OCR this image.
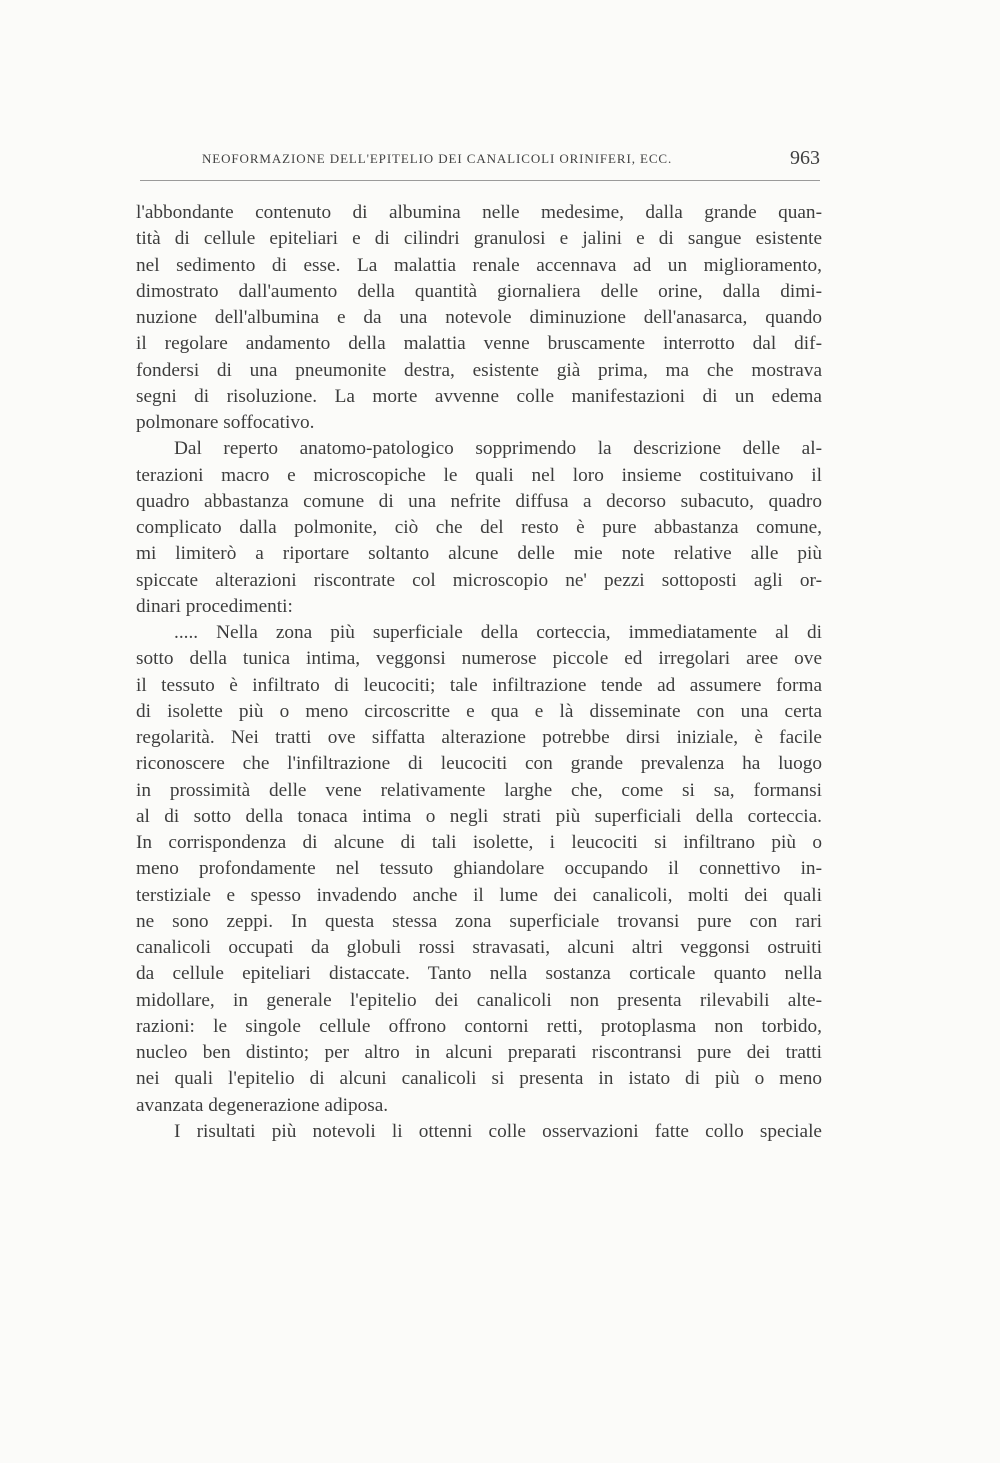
NEOFORMAZIONE DELL'EPITELIO DEI CANALICOLI ORINIFERI, ECC.	963
l'abbondante contenuto di albumina nelle medesime, dalla grande quan-
tità di cellule epiteliari e di cilindri granulosi e jalini e di sangue esistente
nel sedimento di esse. La malattia renale accennava ad un miglioramento,
dimostrato dall'aumento della quantità giornaliera delle orine, dalla dimi-
nuzione dell'albumina e da una notevole diminuzione dell'anasarca, quando
il regolare andamento della malattia venne bruscamente interrotto dal dif-
fondersi di una pneumonite destra, esistente già prima, ma che mostrava
segni di risoluzione. La morte avvenne colle manifestazioni di un edema
polmonare soffocativo.
Dal reperto anatomo-patologico sopprimendo la descrizione delle al-
terazioni macro e microscopiche le quali nel loro insieme costituivano il
quadro abbastanza comune di una nefrite diffusa a decorso subacuto, quadro
complicato dalla polmonite, ciò che del resto è pure abbastanza comune,
mi limiterò a riportare soltanto alcune delle mie note relative alle più
spiccate alterazioni riscontrate col microscopio ne' pezzi sottoposti agli or-
dinari procedimenti:
..... Nella zona più superficiale della corteccia, immediatamente al di
sotto della tunica intima, veggonsi numerose piccole ed irregolari aree ove
il tessuto è infiltrato di leucociti; tale infiltrazione tende ad assumere forma
di isolette più o meno circoscritte e qua e là disseminate con una certa
regolarità. Nei tratti ove siffatta alterazione potrebbe dirsi iniziale, è facile
riconoscere che l'infiltrazione di leucociti con grande prevalenza ha luogo
in prossimità delle vene relativamente larghe che, come si sa, formansi
al di sotto della tonaca intima o negli strati più superficiali della corteccia.
In corrispondenza di alcune di tali isolette, i leucociti si infiltrano più o
meno profondamente nel tessuto ghiandolare occupando il connettivo in-
terstiziale e spesso invadendo anche il lume dei canalicoli, molti dei quali
ne sono zeppi. In questa stessa zona superficiale trovansi pure con rari
canalicoli occupati da globuli rossi stravasati, alcuni altri veggonsi ostruiti
da cellule epiteliari distaccate. Tanto nella sostanza corticale quanto nella
midollare, in generale l'epitelio dei canalicoli non presenta rilevabili alte-
razioni: le singole cellule offrono contorni retti, protoplasma non torbido,
nucleo ben distinto; per altro in alcuni preparati riscontransi pure dei tratti
nei quali l'epitelio di alcuni canalicoli si presenta in istato di più o meno
avanzata degenerazione adiposa.
I risultati più notevoli li ottenni colle osservazioni fatte collo speciale
